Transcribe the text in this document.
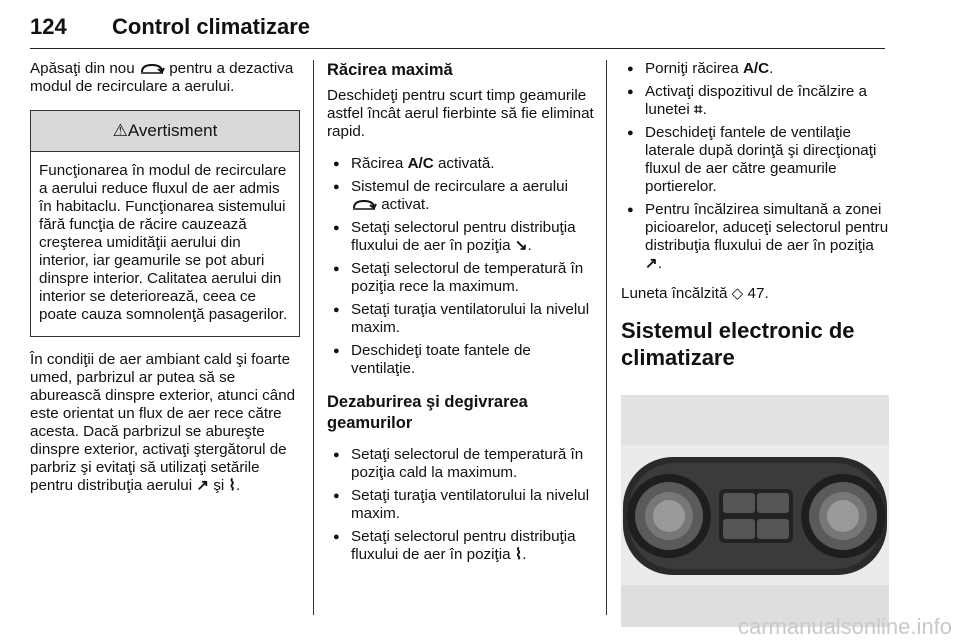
124 Control climatizare

Apăsaţi din nou pentru a dezactiva modul de recirculare a aerului.

⚠Avertisment
Funcţionarea în modul de recirculare a aerului reduce fluxul de aer admis în habitaclu. Funcţionarea sistemului fără funcţia de răcire cauzează creşterea umidităţii aerului din interior, iar geamurile se pot aburi dinspre interior. Calitatea aerului din interior se deteriorează, ceea ce poate cauza somnolenţă pasagerilor.

În condiţii de aer ambiant cald şi foarte umed, parbrizul ar putea să se aburească dinspre exterior, atunci când este orientat un flux de aer rece către acesta. Dacă parbrizul se abureşte dinspre exterior, activaţi ştergătorul de parbriz şi evitaţi să utilizaţi setările pentru distribuţia aerului ↗ şi ⌇.

Răcirea maximă

Deschideţi pentru scurt timp geamurile astfel încât aerul fierbinte să fie eliminat rapid.

● Răcirea A/C activată.
● Sistemul de recirculare a aerului  activat.
● Setaţi selectorul pentru distribuţia fluxului de aer în poziţia ↘.
● Setaţi selectorul de temperatură în poziţia rece la maximum.
● Setaţi turaţia ventilatorului la nivelul maxim.
● Deschideţi toate fantele de ventilaţie.
Dezaburirea şi degivrarea geamurilor
● Setaţi selectorul de temperatură în poziţia cald la maximum.
● Setaţi turaţia ventilatorului la nivelul maxim.
● Setaţi selectorul pentru distribuţia fluxului de aer în poziţia ⌇.
● Porniţi răcirea A/C.
● Activaţi dispozitivul de încălzire a lunetei ⌗.
● Deschideţi fantele de ventilaţie laterale după dorinţă şi direcţionaţi fluxul de aer către geamurile portierelor.
● Pentru încălzirea simultană a zonei picioarelor, aduceţi selectorul pentru distribuţia fluxului de aer în poziţia ↗.

Luneta încălzită ◇ 47.

Sistemul electronic de climatizare
carmanualsonline.info
